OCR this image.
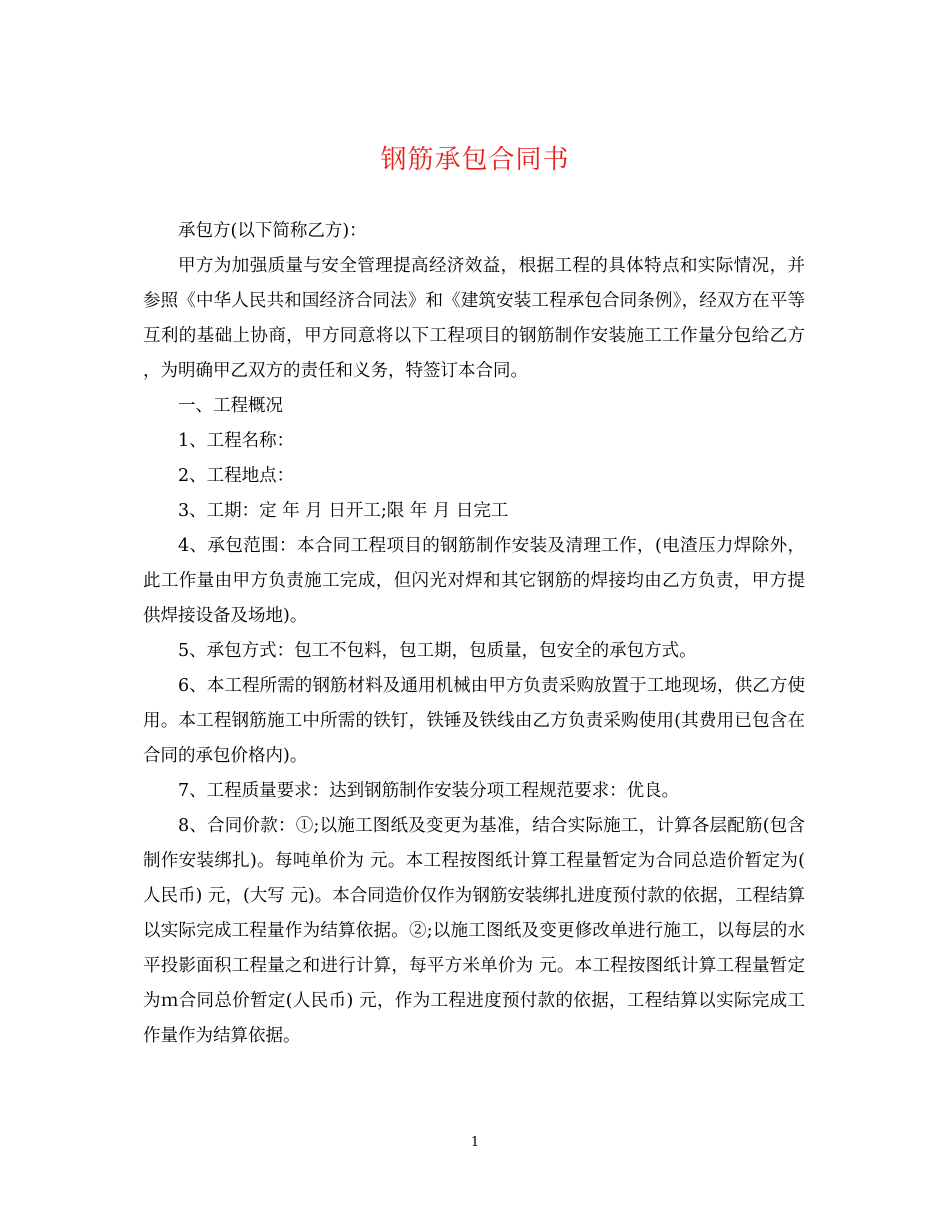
钢筋承包合同书

承包方(以下简称乙方)：

甲方为加强质量与安全管理提高经济效益，根据工程的具体特点和实际情况，并参照《中华人民共和国经济合同法》和《建筑安装工程承包合同条例》，经双方在平等互利的基础上协商，甲方同意将以下工程项目的钢筋制作安装施工工作量分包给乙方，为明确甲乙双方的责任和义务，特签订本合同。

一、工程概况

1、工程名称：

2、工程地点：

3、工期：定 年 月 日开工;限 年 月 日完工

4、承包范围：本合同工程项目的钢筋制作安装及清理工作，(电渣压力焊除外，此工作量由甲方负责施工完成，但闪光对焊和其它钢筋的焊接均由乙方负责，甲方提供焊接设备及场地)。

5、承包方式：包工不包料，包工期，包质量，包安全的承包方式。

6、本工程所需的钢筋材料及通用机械由甲方负责采购放置于工地现场，供乙方使用。本工程钢筋施工中所需的铁钉，铁锤及铁线由乙方负责采购使用(其费用已包含在合同的承包价格内)。

7、工程质量要求：达到钢筋制作安装分项工程规范要求：优良。

8、合同价款：①;以施工图纸及变更为基准，结合实际施工，计算各层配筋(包含制作安装绑扎)。每吨单价为 元。本工程按图纸计算工程量暂定为合同总造价暂定为(人民币) 元，(大写 元)。本合同造价仅作为钢筋安装绑扎进度预付款的依据，工程结算以实际完成工程量作为结算依据。②;以施工图纸及变更修改单进行施工，以每层的水平投影面积工程量之和进行计算，每平方米单价为 元。本工程按图纸计算工程量暂定为ｍ合同总价暂定(人民币) 元，作为工程进度预付款的依据，工程结算以实际完成工作量作为结算依据。

1
